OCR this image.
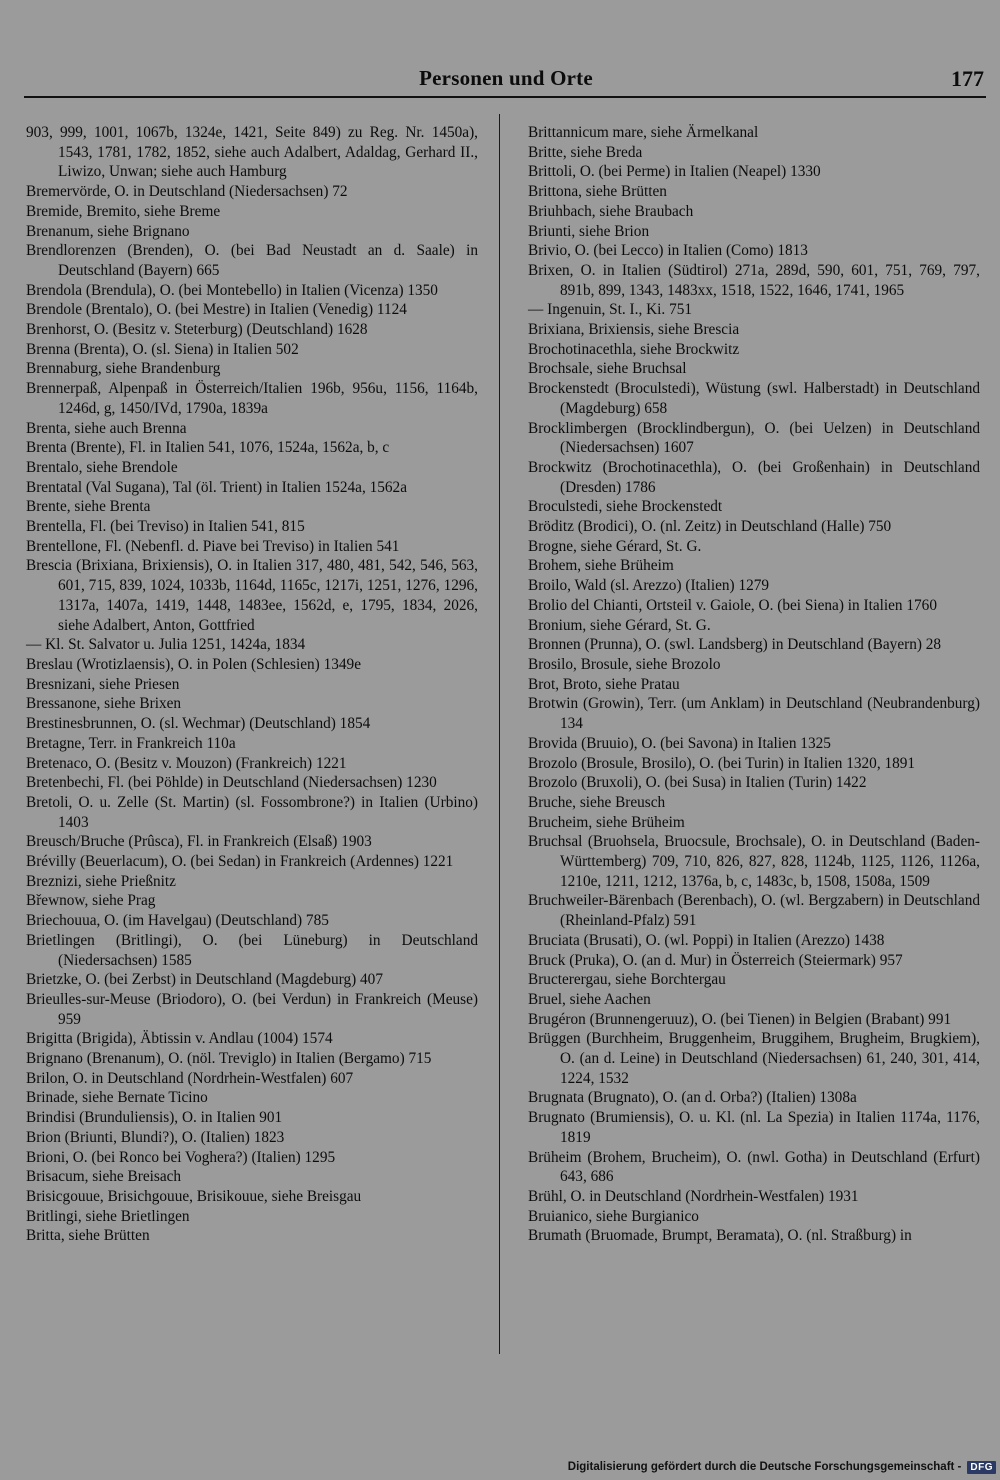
Personen und Orte	177

903, 999, 1001, 1067b, 1324e, 1421, Seite 849) zu Reg. Nr. 1450a), 1543, 1781, 1782, 1852, siehe auch Adalbert, Adaldag, Gerhard II., Liwizo, Unwan; siehe auch Hamburg

Bremervörde, O. in Deutschland (Niedersachsen) 72

Bremide, Bremito, siehe Breme

Brenanum, siehe Brignano

Brendlorenzen (Brenden), O. (bei Bad Neustadt an d. Saale) in Deutschland (Bayern) 665

Brendola (Brendula), O. (bei Montebello) in Italien (Vicenza) 1350

Brendole (Brentalo), O. (bei Mestre) in Italien (Venedig) 1124

Brenhorst, O. (Besitz v. Steterburg) (Deutschland) 1628

Brenna (Brenta), O. (sl. Siena) in Italien 502

Brennaburg, siehe Brandenburg

Brennerpaß, Alpenpaß in Österreich/Italien 196b, 956u, 1156, 1164b, 1246d, g, 1450/IVd, 1790a, 1839a

Brenta, siehe auch Brenna

Brenta (Brente), Fl. in Italien 541, 1076, 1524a, 1562a, b, c

Brentalo, siehe Brendole

Brentatal (Val Sugana), Tal (öl. Trient) in Italien 1524a, 1562a

Brente, siehe Brenta

Brentella, Fl. (bei Treviso) in Italien 541, 815

Brentellone, Fl. (Nebenfl. d. Piave bei Treviso) in Italien 541

Brescia (Brixiana, Brixiensis), O. in Italien 317, 480, 481, 542, 546, 563, 601, 715, 839, 1024, 1033b, 1164d, 1165c, 1217i, 1251, 1276, 1296, 1317a, 1407a, 1419, 1448, 1483ee, 1562d, e, 1795, 1834, 2026, siehe Adalbert, Anton, Gottfried

— Kl. St. Salvator u. Julia 1251, 1424a, 1834

Breslau (Wrotizlaensis), O. in Polen (Schlesien) 1349e

Bresnizani, siehe Priesen

Bressanone, siehe Brixen

Brestinesbrunnen, O. (sl. Wechmar) (Deutschland) 1854

Bretagne, Terr. in Frankreich 110a

Bretenaco, O. (Besitz v. Mouzon) (Frankreich) 1221

Bretenbechi, Fl. (bei Pöhlde) in Deutschland (Niedersachsen) 1230

Bretoli, O. u. Zelle (St. Martin) (sl. Fossombrone?) in Italien (Urbino) 1403

Breusch/Bruche (Prûsca), Fl. in Frankreich (Elsaß) 1903

Brévilly (Beuerlacum), O. (bei Sedan) in Frankreich (Ardennes) 1221

Breznizi, siehe Prießnitz

Břewnow, siehe Prag

Briechouua, O. (im Havelgau) (Deutschland) 785

Brietlingen (Britlingi), O. (bei Lüneburg) in Deutschland (Niedersachsen) 1585

Brietzke, O. (bei Zerbst) in Deutschland (Magdeburg) 407

Brieulles-sur-Meuse (Briodoro), O. (bei Verdun) in Frankreich (Meuse) 959

Brigitta (Brigida), Äbtissin v. Andlau (1004) 1574

Brignano (Brenanum), O. (nöl. Treviglo) in Italien (Bergamo) 715

Brilon, O. in Deutschland (Nordrhein-Westfalen) 607

Brinade, siehe Bernate Ticino

Brindisi (Brunduliensis), O. in Italien 901

Brion (Briunti, Blundi?), O. (Italien) 1823

Brioni, O. (bei Ronco bei Voghera?) (Italien) 1295

Brisacum, siehe Breisach

Brisicgouue, Brisichgouue, Brisikouue, siehe Breisgau

Britlingi, siehe Brietlingen

Britta, siehe Brütten

Brittannicum mare, siehe Ärmelkanal

Britte, siehe Breda

Brittoli, O. (bei Perme) in Italien (Neapel) 1330

Brittona, siehe Brütten

Briuhbach, siehe Braubach

Briunti, siehe Brion

Brivio, O. (bei Lecco) in Italien (Como) 1813

Brixen, O. in Italien (Südtirol) 271a, 289d, 590, 601, 751, 769, 797, 891b, 899, 1343, 1483xx, 1518, 1522, 1646, 1741, 1965

— Ingenuin, St. I., Ki. 751

Brixiana, Brixiensis, siehe Brescia

Brochotinacethla, siehe Brockwitz

Brochsale, siehe Bruchsal

Brockenstedt (Broculstedi), Wüstung (swl. Halberstadt) in Deutschland (Magdeburg) 658

Brocklimbergen (Brocklindbergun), O. (bei Uelzen) in Deutschland (Niedersachsen) 1607

Brockwitz (Brochotinacethla), O. (bei Großenhain) in Deutschland (Dresden) 1786

Broculstedi, siehe Brockenstedt

Bröditz (Brodici), O. (nl. Zeitz) in Deutschland (Halle) 750

Brogne, siehe Gérard, St. G.

Brohem, siehe Brüheim

Broilo, Wald (sl. Arezzo) (Italien) 1279

Brolio del Chianti, Ortsteil v. Gaiole, O. (bei Siena) in Italien 1760

Bronium, siehe Gérard, St. G.

Bronnen (Prunna), O. (swl. Landsberg) in Deutschland (Bayern) 28

Brosilo, Brosule, siehe Brozolo

Brot, Broto, siehe Pratau

Brotwin (Growin), Terr. (um Anklam) in Deutschland (Neubrandenburg) 134

Brovida (Bruuio), O. (bei Savona) in Italien 1325

Brozolo (Brosule, Brosilo), O. (bei Turin) in Italien 1320, 1891

Brozolo (Bruxoli), O. (bei Susa) in Italien (Turin) 1422

Bruche, siehe Breusch

Brucheim, siehe Brüheim

Bruchsal (Bruohsela, Bruocsule, Brochsale), O. in Deutschland (Baden-Württemberg) 709, 710, 826, 827, 828, 1124b, 1125, 1126, 1126a, 1210e, 1211, 1212, 1376a, b, c, 1483c, b, 1508, 1508a, 1509

Bruchweiler-Bärenbach (Berenbach), O. (wl. Bergzabern) in Deutschland (Rheinland-Pfalz) 591

Bruciata (Brusati), O. (wl. Poppi) in Italien (Arezzo) 1438

Bruck (Pruka), O. (an d. Mur) in Österreich (Steiermark) 957

Bructerergau, siehe Borchtergau

Bruel, siehe Aachen

Brugéron (Brunnengeruuz), O. (bei Tienen) in Belgien (Brabant) 991

Brüggen (Burchheim, Bruggenheim, Bruggihem, Brugheim, Brugkiem), O. (an d. Leine) in Deutschland (Niedersachsen) 61, 240, 301, 414, 1224, 1532

Brugnata (Brugnato), O. (an d. Orba?) (Italien) 1308a

Brugnato (Brumiensis), O. u. Kl. (nl. La Spezia) in Italien 1174a, 1176, 1819

Brüheim (Brohem, Brucheim), O. (nwl. Gotha) in Deutschland (Erfurt) 643, 686

Brühl, O. in Deutschland (Nordrhein-Westfalen) 1931

Bruianico, siehe Burgianico

Brumath (Bruomade, Brumpt, Beramata), O. (nl. Straßburg) in

Digitalisierung gefördert durch die Deutsche Forschungsgemeinschaft - DFG
